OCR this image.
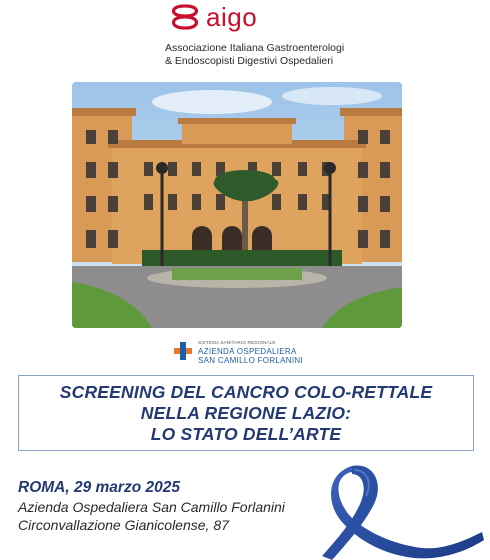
aigo
Associazione Italiana Gastroenterologi
& Endoscopisti Digestivi Ospedalieri
SISTEMA SANITARIO REGIONALE
AZIENDA OSPEDALIERA
SAN CAMILLO FORLANINI
SCREENING DEL CANCRO COLO-RETTALE
NELLA REGIONE LAZIO:
LO STATO DELL’ARTE
ROMA, 29 marzo 2025
Azienda Ospedaliera San Camillo Forlanini
Circonvallazione Gianicolense, 87
